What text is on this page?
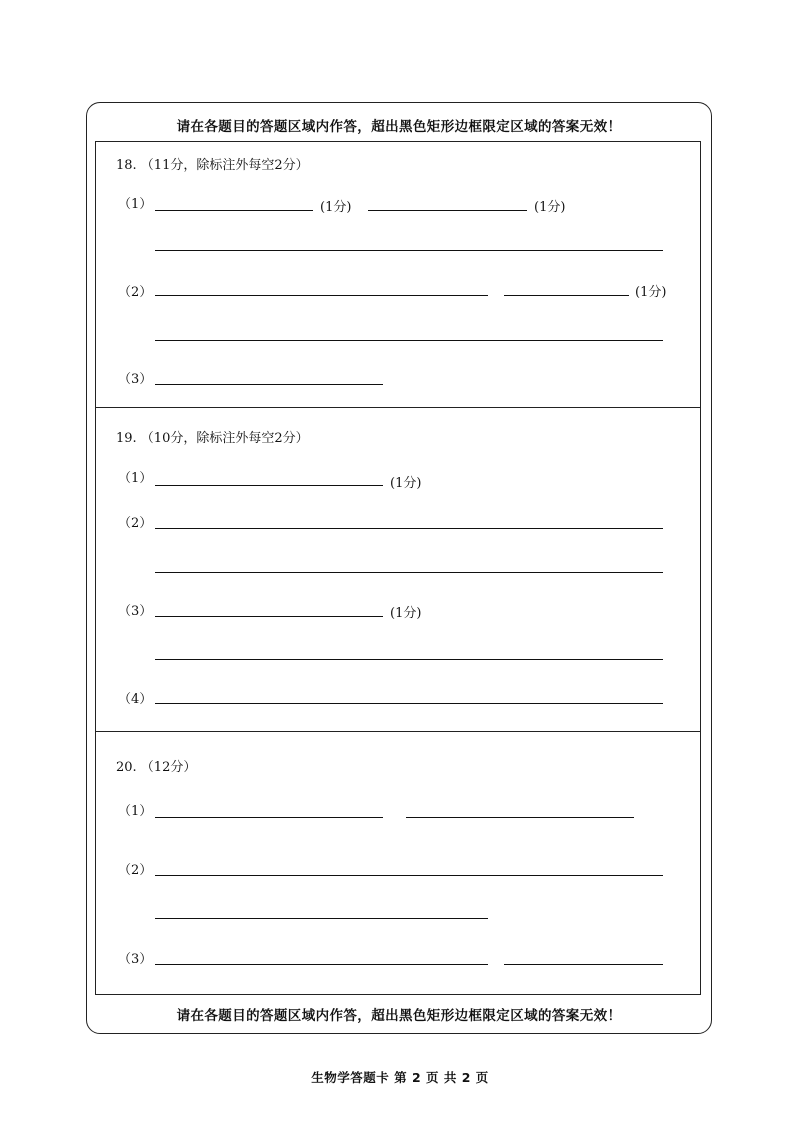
请在各题目的答题区域内作答，超出黑色矩形边框限定区域的答案无效！
请在各题目的答题区域内作答，超出黑色矩形边框限定区域的答案无效！
18. （11分，除标注外每空2分）
（1）	(1分)	(1分)
（2）	(1分)
（3）
19. （10分，除标注外每空2分）
（1）	(1分)
（2）
（3）	(1分)
（4）
20. （12分）
（1）
（2）
（3）
生物学答题卡 第 2 页 共 2 页
